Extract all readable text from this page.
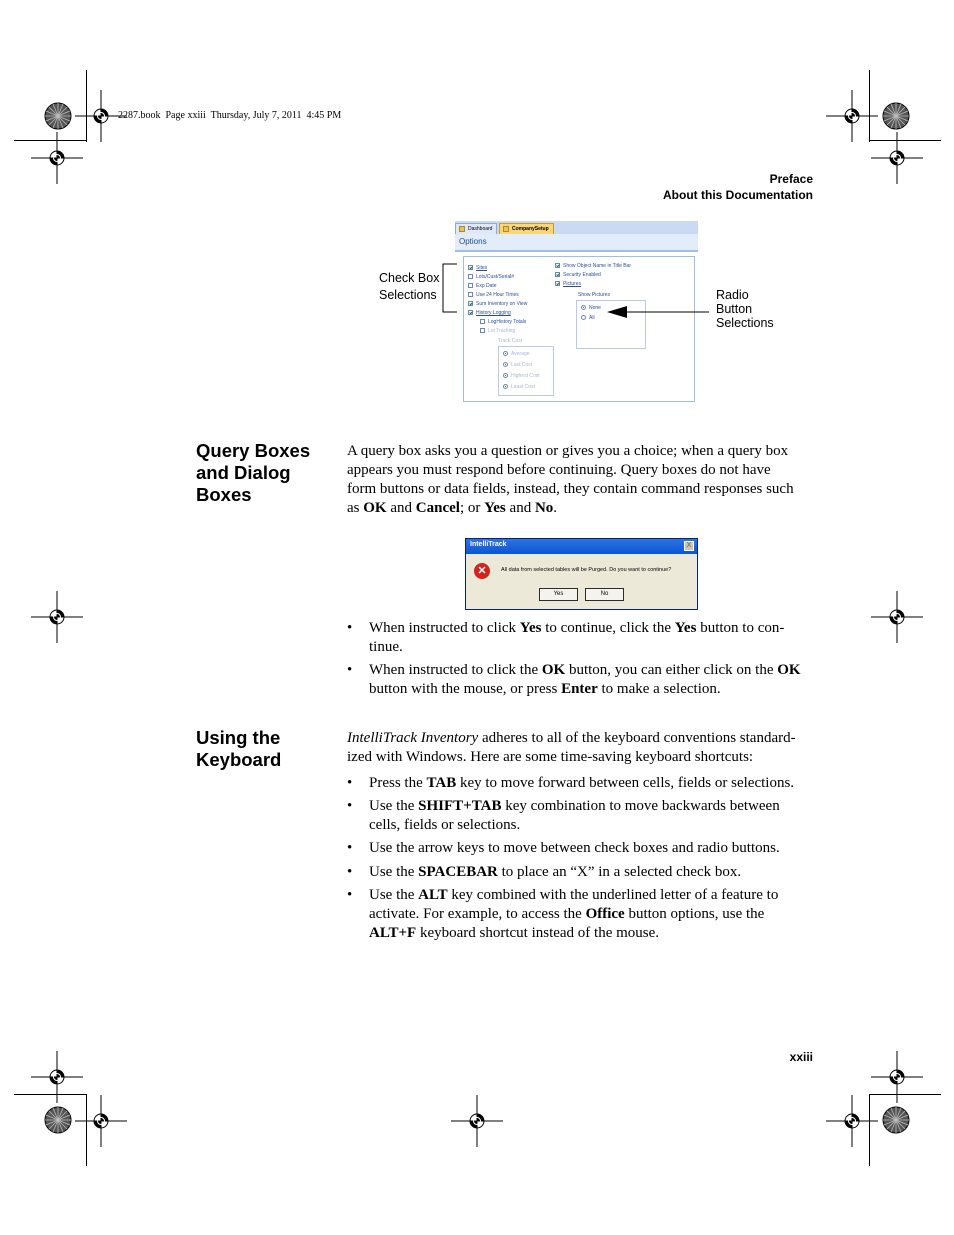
2287.book  Page xxiii  Thursday, July 7, 2011  4:45 PM
Preface
About this Documentation
Dashboard	CompanySetup
Options
Sites
Lots/Cust/Serial#
Exp Date
Use 24 Hour Times
Sum Inventory on View
History Logging
LogHistory Totals
Lot Tracking
Track Cost
Average
Last Cost
Highest Cost
Least Cost
Show Object Name in Title Bar
Security Enabled
Pictures
Show Pictures
None
All
Check Box
Selections	Radio
Button
Selections
Query Boxes
and Dialog
Boxes
A query box asks you a question or gives you a choice; when a query box
appears you must respond before continuing. Query boxes do not have
form buttons or data fields, instead, they contain command responses such
as OK and Cancel; or Yes and No.
IntelliTrack	X
✕	All data from selected tables will be Purged. Do you want to continue?
Yes	No
• When instructed to click Yes to continue, click the Yes button to con-
tinue.
• When instructed to click the OK button, you can either click on the OK
button with the mouse, or press Enter to make a selection.
Using the
Keyboard
IntelliTrack Inventory adheres to all of the keyboard conventions standard-
ized with Windows. Here are some time-saving keyboard shortcuts:
• Press the TAB key to move forward between cells, fields or selections.
• Use the SHIFT+TAB key combination to move backwards between
cells, fields or selections.
• Use the arrow keys to move between check boxes and radio buttons.
• Use the SPACEBAR to place an “X” in a selected check box.
• Use the ALT key combined with the underlined letter of a feature to
activate. For example, to access the Office button options, use the
ALT+F keyboard shortcut instead of the mouse.
xxiii
